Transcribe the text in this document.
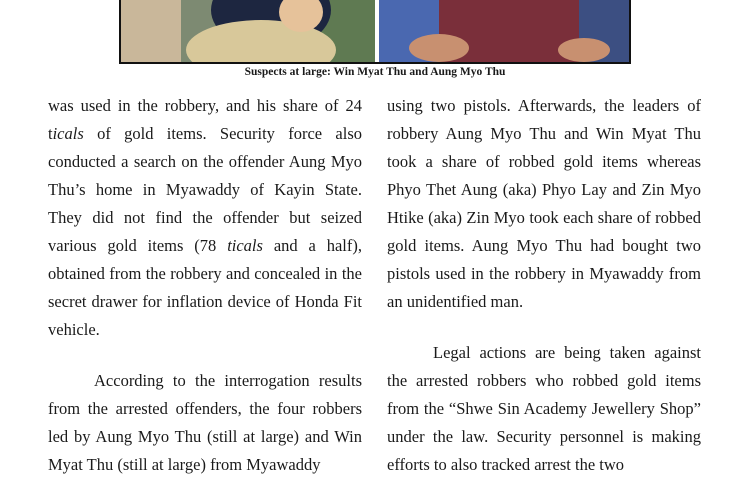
Suspects at large: Win Myat Thu and Aung Myo Thu

was used in the robbery, and his share of 24 ticals of gold items. Security force also conducted a search on the offender Aung Myo Thu’s home in Myawaddy of Kayin State. They did not find the offender but seized various gold items (78 ticals and a half), obtained from the robbery and concealed in the secret drawer for inflation device of Honda Fit vehicle.

According to the interrogation results from the arrested offenders, the four robbers led by Aung Myo Thu (still at large) and Win Myat Thu (still at large) from Myawaddy

using two pistols. Afterwards, the leaders of robbery Aung Myo Thu and Win Myat Thu took a share of robbed gold items whereas Phyo Thet Aung (aka) Phyo Lay and Zin Myo Htike (aka) Zin Myo took each share of robbed gold items. Aung Myo Thu had bought two pistols used in the robbery in Myawaddy from an unidentified man.

Legal actions are being taken against the arrested robbers who robbed gold items from the “Shwe Sin Academy Jewellery Shop” under the law. Security personnel is making efforts to also tracked arrest the two
